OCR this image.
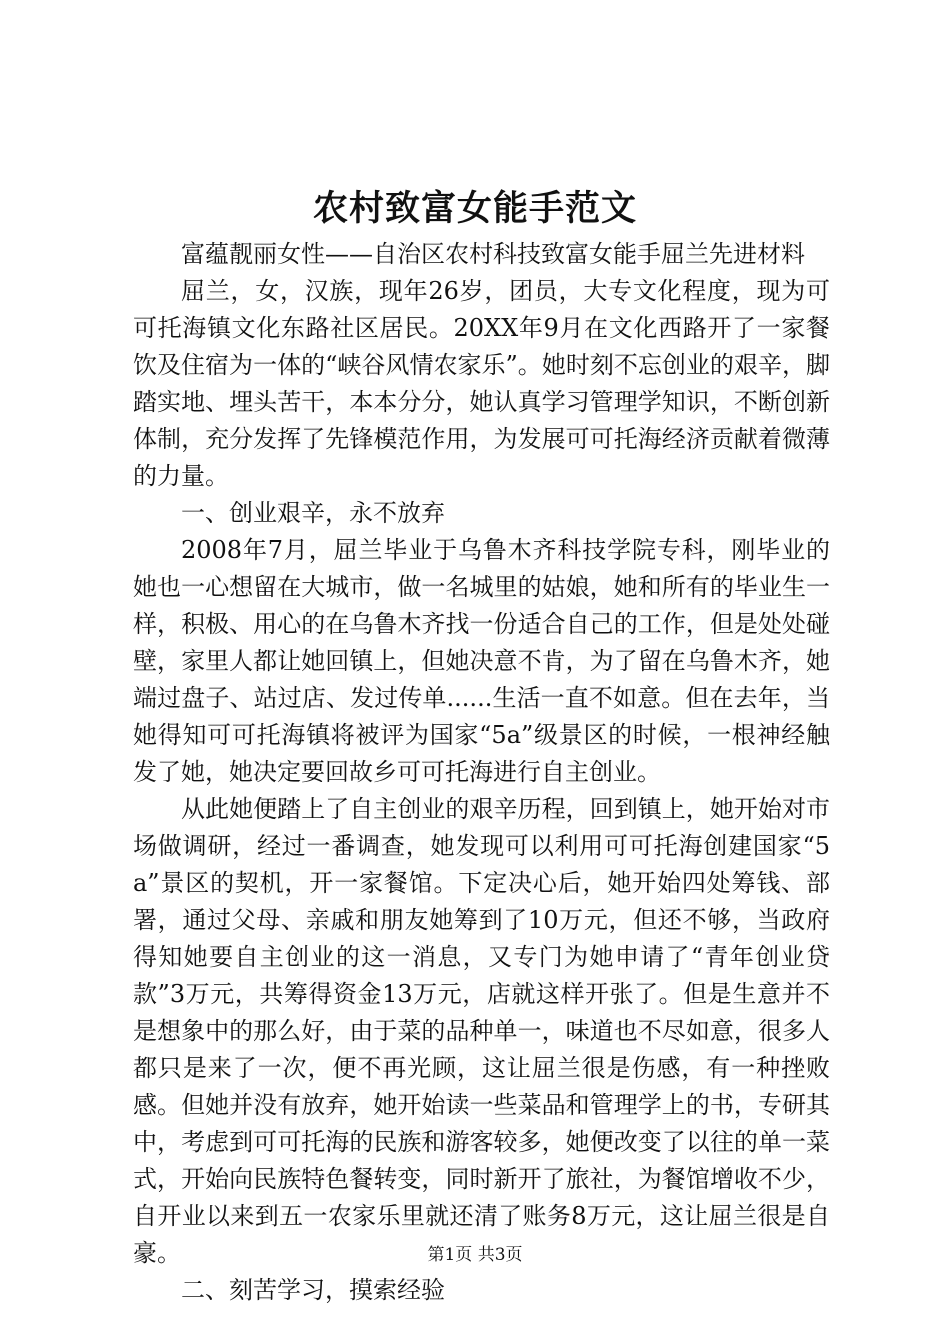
农村致富女能手范文

富蕴靓丽女性——自治区农村科技致富女能手屈兰先进材料

屈兰，女，汉族，现年26岁，团员，大专文化程度，现为可可托海镇文化东路社区居民。20XX年9月在文化西路开了一家餐饮及住宿为一体的“峡谷风情农家乐”。她时刻不忘创业的艰辛，脚踏实地、埋头苦干，本本分分，她认真学习管理学知识，不断创新体制，充分发挥了先锋模范作用，为发展可可托海经济贡献着微薄的力量。

一、创业艰辛，永不放弃

2008年7月，屈兰毕业于乌鲁木齐科技学院专科，刚毕业的她也一心想留在大城市，做一名城里的姑娘，她和所有的毕业生一样，积极、用心的在乌鲁木齐找一份适合自己的工作，但是处处碰壁，家里人都让她回镇上，但她决意不肯，为了留在乌鲁木齐，她端过盘子、站过店、发过传单......生活一直不如意。但在去年，当她得知可可托海镇将被评为国家“5a”级景区的时候，一根神经触发了她，她决定要回故乡可可托海进行自主创业。

从此她便踏上了自主创业的艰辛历程，回到镇上，她开始对市场做调研，经过一番调查，她发现可以利用可可托海创建国家“5a”景区的契机，开一家餐馆。下定决心后，她开始四处筹钱、部署，通过父母、亲戚和朋友她筹到了10万元，但还不够，当政府得知她要自主创业的这一消息，又专门为她申请了“青年创业贷款”3万元，共筹得资金13万元，店就这样开张了。但是生意并不是想象中的那么好，由于菜的品种单一，味道也不尽如意，很多人都只是来了一次，便不再光顾，这让屈兰很是伤感，有一种挫败感。但她并没有放弃，她开始读一些菜品和管理学上的书，专研其中，考虑到可可托海的民族和游客较多，她便改变了以往的单一菜式，开始向民族特色餐转变，同时新开了旅社，为餐馆增收不少，自开业以来到五一农家乐里就还清了账务8万元，这让屈兰很是自豪。

二、刻苦学习，摸索经验

第1页 共3页
